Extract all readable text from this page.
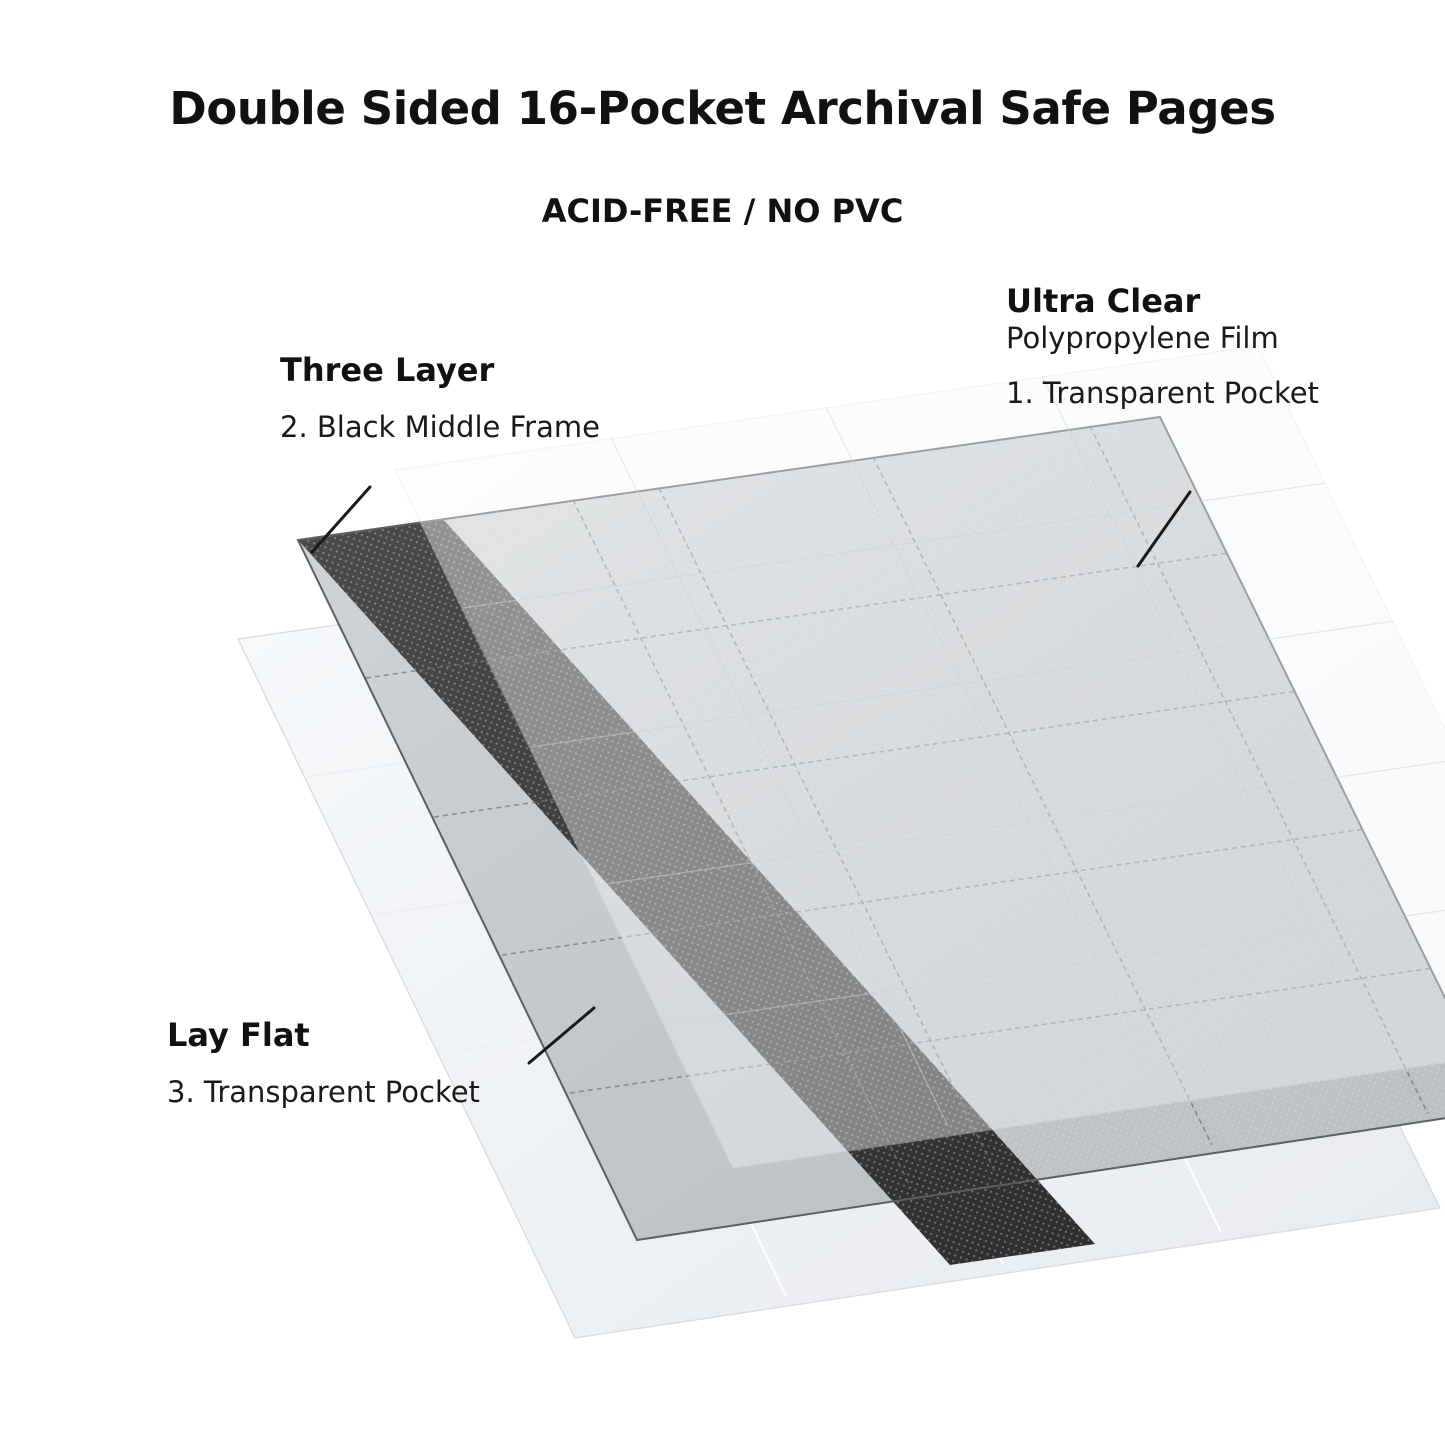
Double Sided 16-Pocket Archival Safe Pages
ACID-FREE / NO PVC
Ultra Clear
Polypropylene Film
1. Transparent Pocket
Three Layer
2. Black Middle Frame
Lay Flat
3. Transparent Pocket
